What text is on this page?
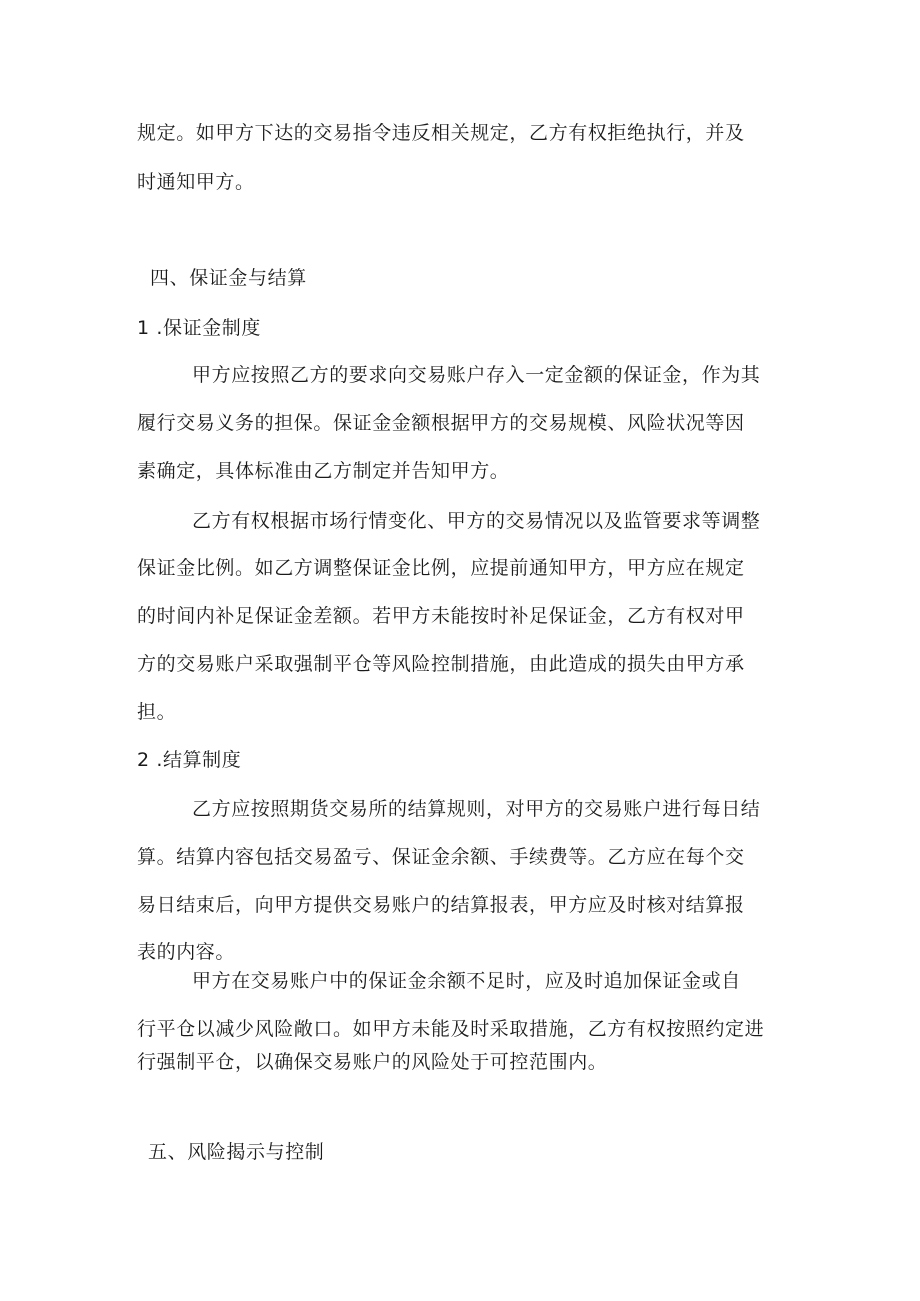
规定。如甲方下达的交易指令违反相关规定，乙方有权拒绝执行，并及
时通知甲方。
四、保证金与结算
1 .保证金制度
甲方应按照乙方的要求向交易账户存入一定金额的保证金，作为其
履行交易义务的担保。保证金金额根据甲方的交易规模、风险状况等因
素确定，具体标准由乙方制定并告知甲方。
乙方有权根据市场行情变化、甲方的交易情况以及监管要求等调整
保证金比例。如乙方调整保证金比例，应提前通知甲方，甲方应在规定
的时间内补足保证金差额。若甲方未能按时补足保证金，乙方有权对甲
方的交易账户采取强制平仓等风险控制措施，由此造成的损失由甲方承
担。
2 .结算制度
乙方应按照期货交易所的结算规则，对甲方的交易账户进行每日结
算。结算内容包括交易盈亏、保证金余额、手续费等。乙方应在每个交
易日结束后，向甲方提供交易账户的结算报表，甲方应及时核对结算报
表的内容。
甲方在交易账户中的保证金余额不足时，应及时追加保证金或自
行平仓以减少风险敞口。如甲方未能及时采取措施，乙方有权按照约定进
行强制平仓，以确保交易账户的风险处于可控范围内。
五、风险揭示与控制
